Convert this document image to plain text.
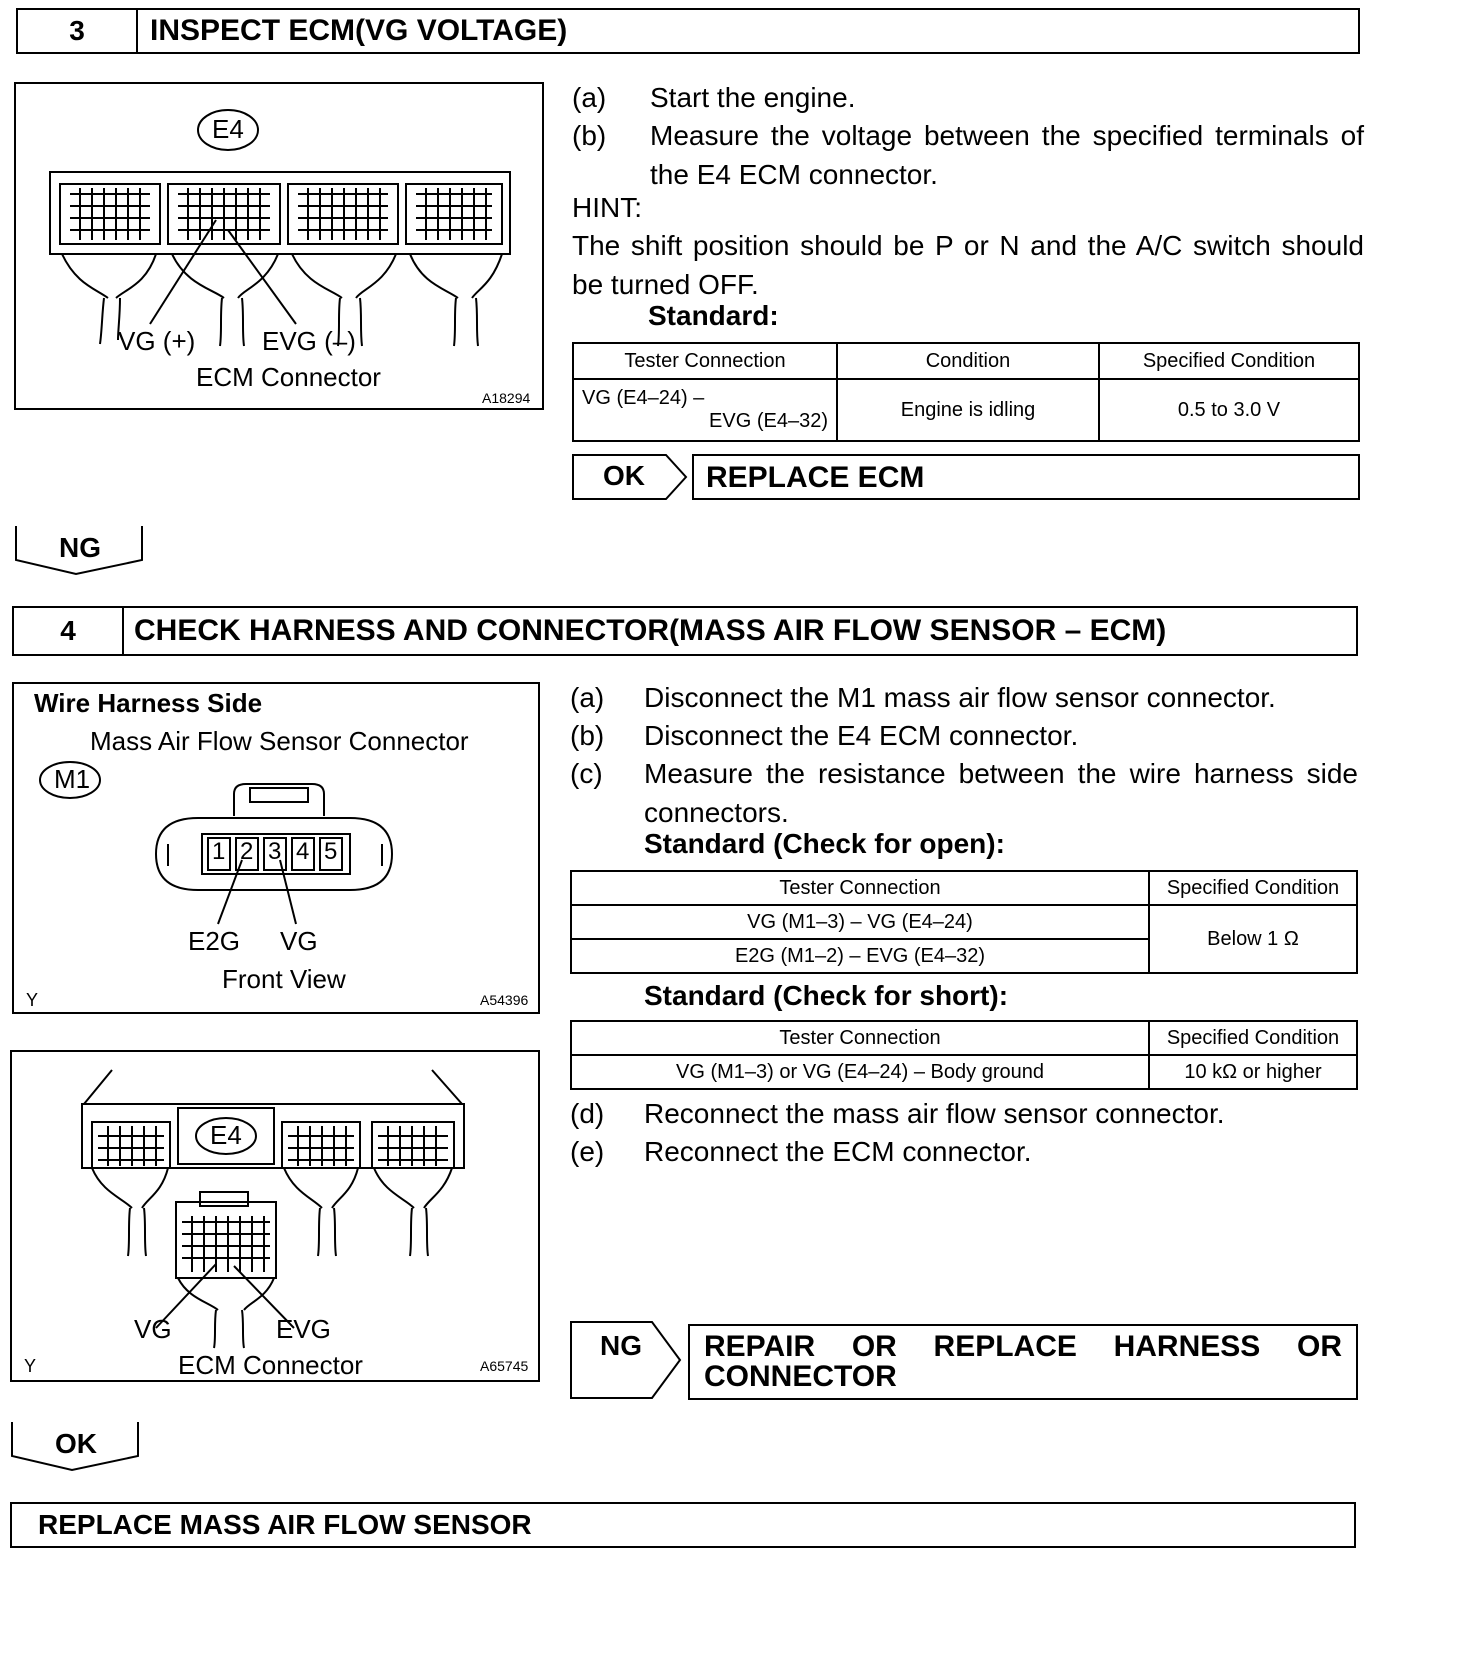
3	INSPECT ECM(VG VOLTAGE)
E4
VG (+)	EVG (–)
ECM Connector
A18294
(a) Start the engine.
(b) Measure the voltage between the specified terminals of the E4 ECM connector.
HINT:
The shift position should be P or N and the A/C switch should be turned OFF.
Standard:
Tester Connection	Condition	Specified Condition

VG (E4–24) –
EVG (E4–32)	Engine is idling	0.5 to 3.0 V
OK	REPLACE ECM
NG
4	CHECK HARNESS AND CONNECTOR(MASS AIR FLOW SENSOR – ECM)
Wire Harness Side
Mass Air Flow Sensor Connector
M1
1 2 3 4 5
E2G VG
Front View
Y	A54396
E4
VG	EVG
ECM Connector
Y	A65745
(a) Disconnect the M1 mass air flow sensor connector.
(b) Disconnect the E4 ECM connector.
(c) Measure the resistance between the wire harness side connectors.
Standard (Check for open):
Tester Connection	Specified Condition
VG (M1–3) – VG (E4–24)	Below 1 Ω
E2G (M1–2) – EVG (E4–32)	
Standard (Check for short):
Tester Connection	Specified Condition
VG (M1–3) or VG (E4–24) – Body ground	10 kΩ or higher
(d) Reconnect the mass air flow sensor connector.
(e) Reconnect the ECM connector.
NG	REPAIR OR REPLACE HARNESS OR CONNECTOR
OK
REPLACE MASS AIR FLOW SENSOR
